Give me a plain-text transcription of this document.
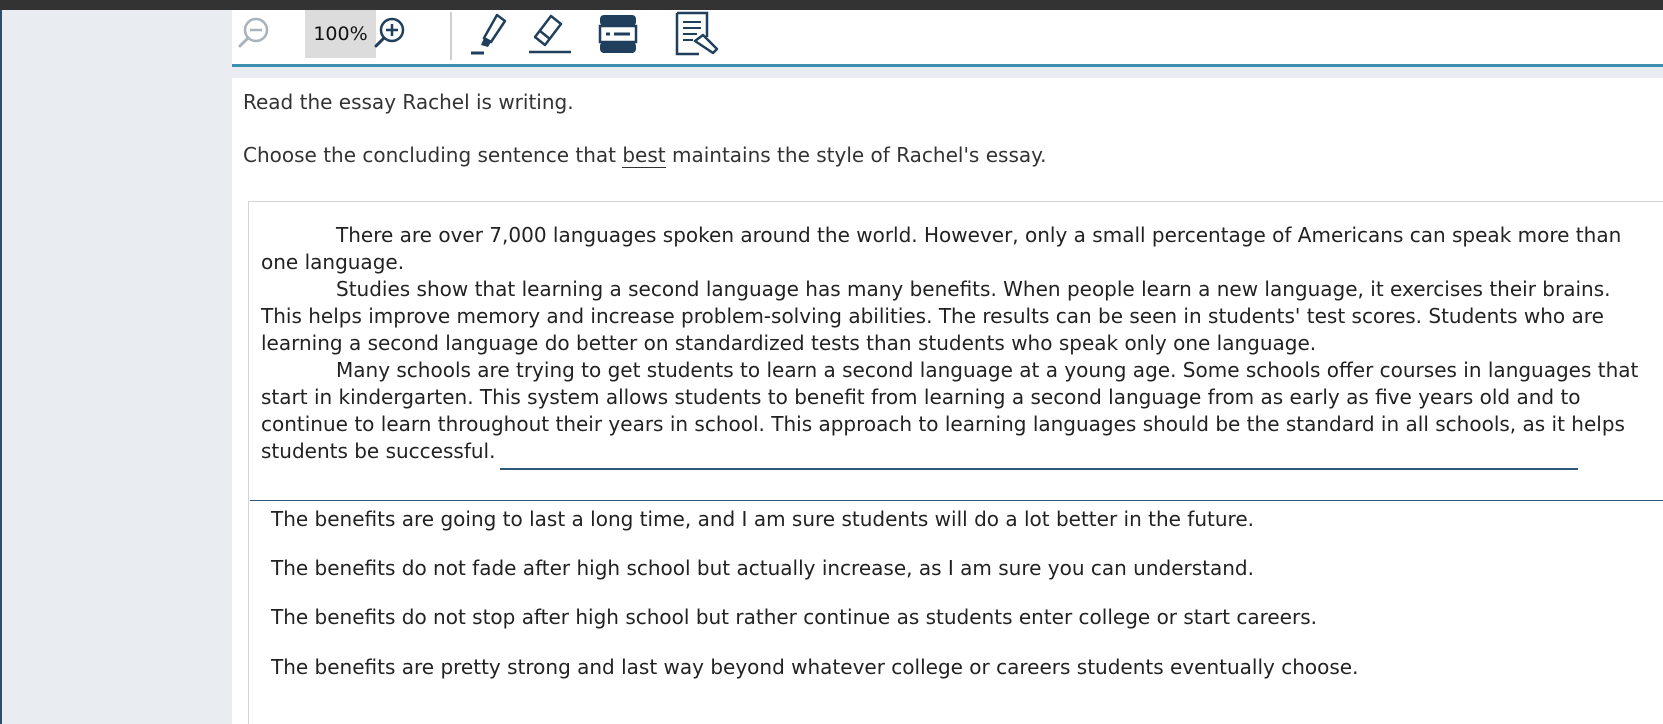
100%
Read the essay Rachel is writing.
Choose the concluding sentence that best maintains the style of Rachel's essay.

There are over 7,000 languages spoken around the world. However, only a small percentage of Americans can speak more than one language.

Studies show that learning a second language has many benefits. When people learn a new language, it exercises their brains. This helps improve memory and increase problem-solving abilities. The results can be seen in students' test scores. Students who are learning a second language do better on standardized tests than students who speak only one language.

Many schools are trying to get students to learn a second language at a young age. Some schools offer courses in languages that start in kindergarten. This system allows students to benefit from learning a second language from as early as five years old and to continue to learn throughout their years in school. This approach to learning languages should be the standard in all schools, as it helps students be successful.

The benefits are going to last a long time, and I am sure students will do a lot better in the future.
The benefits do not fade after high school but actually increase, as I am sure you can understand.
The benefits do not stop after high school but rather continue as students enter college or start careers.
The benefits are pretty strong and last way beyond whatever college or careers students eventually choose.
